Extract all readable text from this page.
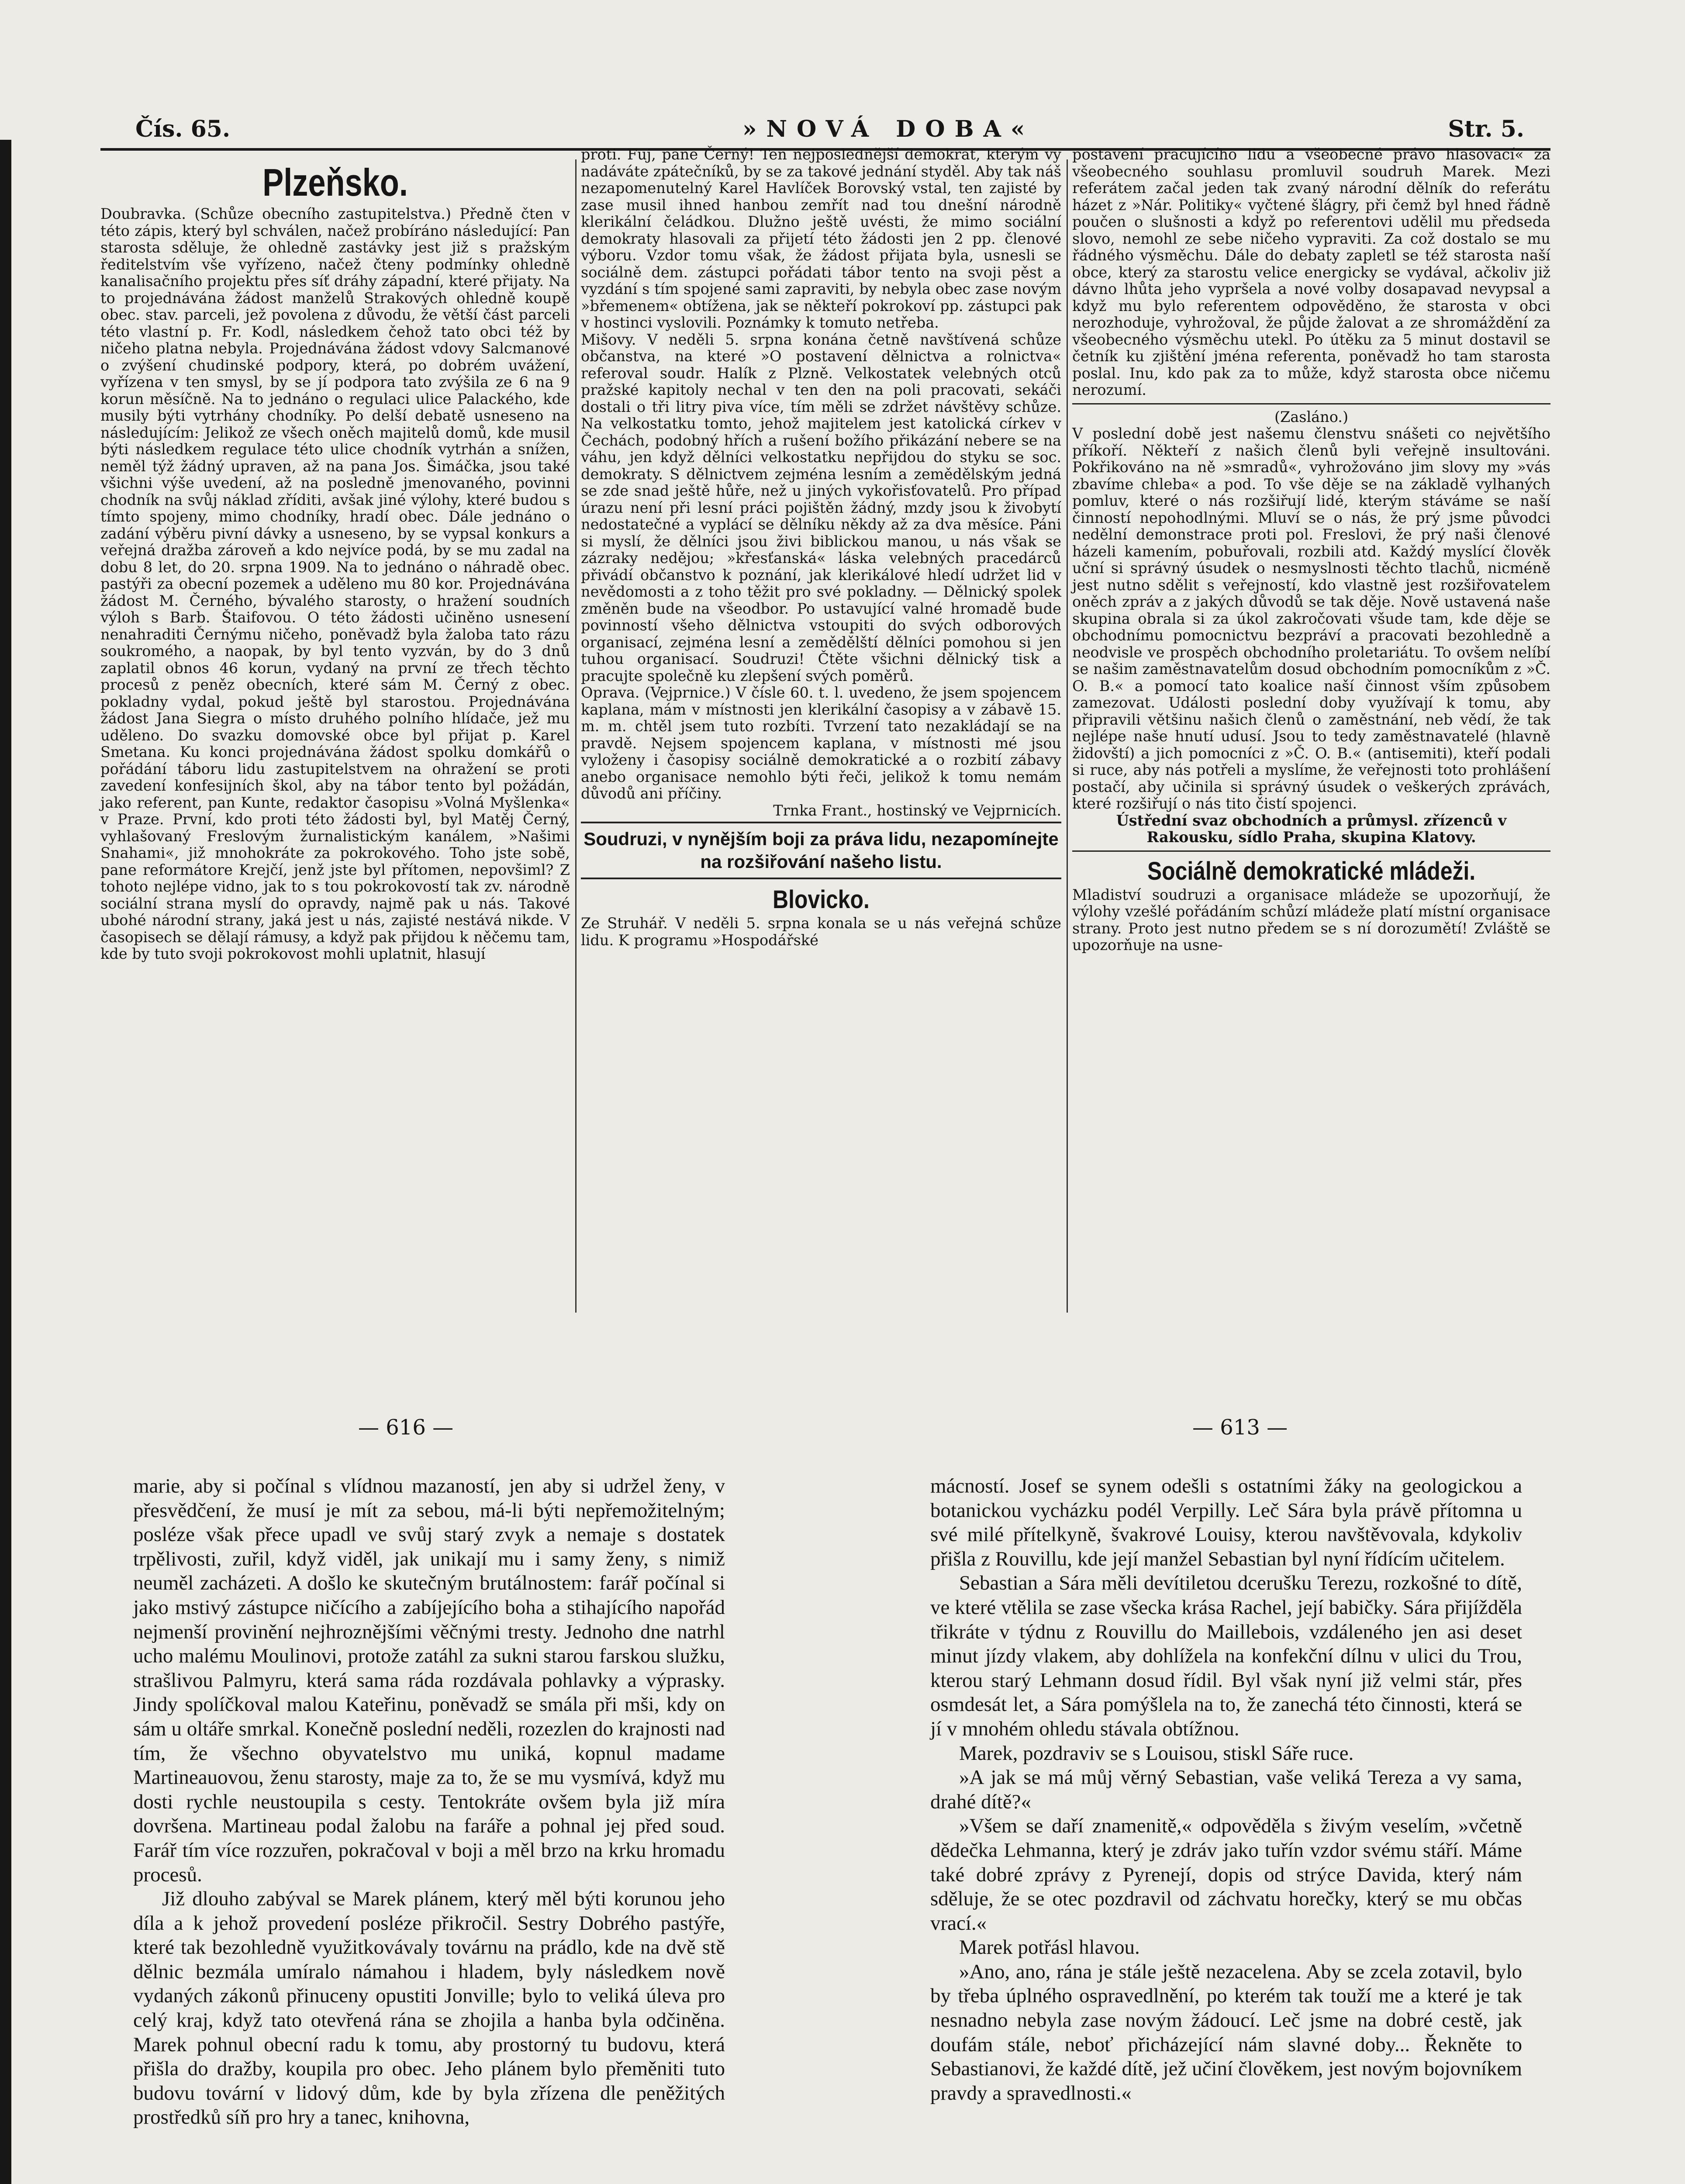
Čís. 65.	»NOVÁ DOBA«	Str. 5.
Plzeňsko.

Doubravka. (Schůze obecního zastupitelstva.) Předně čten v této zápis, který byl schválen, načež probíráno následující: Pan starosta sděluje, že ohledně zastávky jest již s pražským ředitelstvím vše vyřízeno, načež čteny podmínky ohledně kanalisačního projektu přes síť dráhy západní, které přijaty. Na to projednávána žádost manželů Strakových ohledně koupě obec. stav. parceli, jež povolena z důvodu, že větší část parceli této vlastní p. Fr. Kodl, následkem čehož tato obci též by ničeho platna nebyla. Projednávána žádost vdovy Salcmanové o zvýšení chudinské podpory, která, po dobrém uvážení, vyřízena v ten smysl, by se jí podpora tato zvýšila ze 6 na 9 korun měsíčně. Na to jednáno o regulaci ulice Palackého, kde musily býti vytrhány chodníky. Po delší debatě usneseno na následujícím: Jelikož ze všech oněch majitelů domů, kde musil býti následkem regulace této ulice chodník vytrhán a snížen, neměl týž žádný upraven, až na pana Jos. Šimáčka, jsou také všichni výše uvedení, až na posledně jmenovaného, povinni chodník na svůj náklad zříditi, avšak jiné výlohy, které budou s tímto spojeny, mimo chodníky, hradí obec. Dále jednáno o zadání výběru pivní dávky a usneseno, by se vypsal konkurs a veřejná dražba zároveň a kdo nejvíce podá, by se mu zadal na dobu 8 let, do 20. srpna 1909. Na to jednáno o náhradě obec. pastýři za obecní pozemek a uděleno mu 80 kor. Projednávána žádost M. Černého, bývalého starosty, o hražení soudních výloh s Barb. Štaifovou. O této žádosti učiněno usnesení nenahraditi Černýmu ničeho, poněvadž byla žaloba tato rázu soukromého, a naopak, by byl tento vyzván, by do 3 dnů zaplatil obnos 46 korun, vydaný na první ze třech těchto procesů z peněz obecních, které sám M. Černý z obec. pokladny vydal, pokud ještě byl starostou. Projednávána žádost Jana Siegra o místo druhého polního hlídače, jež mu uděleno. Do svazku domovské obce byl přijat p. Karel Smetana. Ku konci projednávána žádost spolku domkářů o pořádání táboru lidu zastupitelstvem na ohražení se proti zavedení konfesijních škol, aby na tábor tento byl požádán, jako referent, pan Kunte, redaktor časopisu »Volná Myšlenka« v Praze. První, kdo proti této žádosti byl, byl Matěj Černý, vyhlašovaný Freslovým žurnalistickým kanálem, »Našimi Snahami«, již mnohokráte za pokrokového. Toho jste sobě, pane reformátore Krejčí, jenž jste byl přítomen, nepovšiml? Z tohoto nejlépe vidno, jak to s tou pokrokovostí tak zv. národně sociální strana myslí do opravdy, najmě pak u nás. Takové ubohé národní strany, jaká jest u nás, zajisté nestává nikde. V časopisech se dělají rámusy, a když pak přijdou k něčemu tam, kde by tuto svoji pokrokovost mohli uplatnit, hlasují

proti. Fuj, pane Černý! Ten nejposlednější demokrat, kterým vy nadáváte zpátečníků, by se za takové jednání styděl. Aby tak náš nezapomenutelný Karel Havlíček Borovský vstal, ten zajisté by zase musil ihned hanbou zemřít nad tou dnešní národně klerikální čeládkou. Dlužno ještě uvésti, že mimo sociální demokraty hlasovali za přijetí této žádosti jen 2 pp. členové výboru. Vzdor tomu však, že žádost přijata byla, usnesli se sociálně dem. zástupci pořádati tábor tento na svoji pěst a vyzdání s tím spojené sami zapraviti, by nebyla obec zase novým »břemenem« obtížena, jak se někteří pokrokoví pp. zástupci pak v hostinci vyslovili. Poznámky k tomuto netřeba.

Mišovy. V neděli 5. srpna konána četně navštívená schůze občanstva, na které »O postavení dělnictva a rolnictva« referoval soudr. Halík z Plzně. Velkostatek velebných otců pražské kapitoly nechal v ten den na poli pracovati, sekáči dostali o tři litry piva více, tím měli se zdržet návštěvy schůze. Na velkostatku tomto, jehož majitelem jest katolická církev v Čechách, podobný hřích a rušení božího přikázání nebere se na váhu, jen když dělníci velkostatku nepřijdou do styku se soc. demokraty. S dělnictvem zejména lesním a zemědělským jedná se zde snad ještě hůře, než u jiných vykořisťovatelů. Pro případ úrazu není při lesní práci pojištěn žádný, mzdy jsou k živobytí nedostatečné a vyplácí se dělníku někdy až za dva měsíce. Páni si myslí, že dělníci jsou živi biblickou manou, u nás však se zázraky nedějou; »křesťanská« láska velebných pracedárců přivádí občanstvo k poznání, jak klerikálové hledí udržet lid v nevědomosti a z toho těžit pro své pokladny. — Dělnický spolek změněn bude na všeodbor. Po ustavující valné hromadě bude povinností všeho dělnictva vstoupiti do svých odborových organisací, zejména lesní a zemědělští dělníci pomohou si jen tuhou organisací. Soudruzi! Čtěte všichni dělnický tisk a pracujte společně ku zlepšení svých poměrů.

Oprava. (Vejprnice.) V čísle 60. t. l. uvedeno, že jsem spojencem kaplana, mám v místnosti jen klerikální časopisy a v zábavě 15. m. m. chtěl jsem tuto rozbíti. Tvrzení tato nezakládají se na pravdě. Nejsem spojencem kaplana, v místnosti mé jsou vyloženy i časopisy sociálně demokratické a o rozbití zábavy anebo organisace nemohlo býti řeči, jelikož k tomu nemám důvodů ani příčiny.

Trnka Frant., hostinský ve Vejprnicích.

Soudruzi, v nynějším boji za práva lidu, nezapomínejte na rozšiřování našeho listu.
Blovicko.

Ze Struhář. V neděli 5. srpna konala se u nás veřejná schůze lidu. K programu »Hospodářské

postavení pracujícího lidu a všeobecné právo hlasovací« za všeobecného souhlasu promluvil soudruh Marek. Mezi referátem začal jeden tak zvaný národní dělník do referátu házet z »Nár. Politiky« vyčtené šlágry, při čemž byl hned řádně poučen o slušnosti a když po referentovi udělil mu předseda slovo, nemohl ze sebe ničeho vypraviti. Za což dostalo se mu řádného výsměchu. Dále do debaty zapletl se též starosta naší obce, který za starostu velice energicky se vydával, ačkoliv již dávno lhůta jeho vypršela a nové volby dosapavad nevypsal a když mu bylo referentem odpověděno, že starosta v obci nerozhoduje, vyhrožoval, že půjde žalovat a ze shromáždění za všeobecného výsměchu utekl. Po útěku za 5 minut dostavil se četník ku zjištění jména referenta, poněvadž ho tam starosta poslal. Inu, kdo pak za to může, když starosta obce ničemu nerozumí.

(Zasláno.)

V poslední době jest našemu členstvu snášeti co největšího příkoří. Někteří z našich členů byli veřejně insultováni. Pokřikováno na ně »smradů«, vyhrožováno jim slovy my »vás zbavíme chleba« a pod. To vše děje se na základě vylhaných pomluv, které o nás rozšiřují lidé, kterým stáváme se naší činností nepohodlnými. Mluví se o nás, že prý jsme původci nedělní demonstrace proti pol. Freslovi, že prý naši členové házeli kamením, pobuřovali, rozbili atd. Každý myslící člověk uční si správný úsudek o nesmyslnosti těchto tlachů, nicméně jest nutno sdělit s veřejností, kdo vlastně jest rozšiřovatelem oněch zpráv a z jakých důvodů se tak děje. Nově ustavená naše skupina obrala si za úkol zakročovati všude tam, kde děje se obchodnímu pomocnictvu bezpráví a pracovati bezohledně a neodvisle ve prospěch obchodního proletariátu. To ovšem nelíbí se našim zaměstnavatelům dosud obchodním pomocníkům z »Č. O. B.« a pomocí tato koalice naší činnost vším způsobem zamezovat. Události poslední doby využívají k tomu, aby připravili většinu našich členů o zaměstnání, neb vědí, že tak nejlépe naše hnutí udusí. Jsou to tedy zaměstnavatelé (hlavně židovští) a jich pomocníci z »Č. O. B.« (antisemiti), kteří podali si ruce, aby nás potřeli a myslíme, že veřejnosti toto prohlášení postačí, aby učinila si správný úsudek o veškerých zprávách, které rozšiřují o nás tito čistí spojenci.

Ústřední svaz obchodních a průmysl. zřízenců v Rakousku, sídlo Praha, skupina Klatovy.

Sociálně demokratické mládeži.

Mladiství soudruzi a organisace mládeže se upozorňují, že výlohy vzešlé pořádáním schůzí mládeže platí místní organisace strany. Proto jest nutno předem se s ní dorozumětí! Zvláště se upozorňuje na usne-

— 616 —	— 613 —

marie, aby si počínal s vlídnou mazaností, jen aby si udržel ženy, v přesvědčení, že musí je mít za sebou, má-li býti nepřemožitelným; posléze však přece upadl ve svůj starý zvyk a nemaje s dostatek trpělivosti, zuřil, když viděl, jak unikají mu i samy ženy, s nimiž neuměl zacházeti. A došlo ke skutečným brutálnostem: farář počínal si jako mstivý zástupce ničícího a zabíjejícího boha a stihajícího napořád nejmenší provinění nejhroznějšími věčnými tresty. Jednoho dne natrhl ucho malému Moulinovi, protože zatáhl za sukni starou farskou služku, strašlivou Palmyru, která sama ráda rozdávala pohlavky a výprasky. Jindy spolíčkoval malou Kateřinu, poněvadž se smála při mši, kdy on sám u oltáře smrkal. Konečně poslední neděli, rozezlen do krajnosti nad tím, že všechno obyvatelstvo mu uniká, kopnul madame Martineauovou, ženu starosty, maje za to, že se mu vysmívá, když mu dosti rychle neustoupila s cesty. Tentokráte ovšem byla již míra dovršena. Martineau podal žalobu na faráře a pohnal jej před soud. Farář tím více rozzuřen, pokračoval v boji a měl brzo na krku hromadu procesů.

Již dlouho zabýval se Marek plánem, který měl býti korunou jeho díla a k jehož provedení posléze přikročil. Sestry Dobrého pastýře, které tak bezohledně využitkovávaly továrnu na prádlo, kde na dvě stě dělnic bezmála umíralo námahou i hladem, byly následkem nově vydaných zákonů přinuceny opustiti Jonville; bylo to veliká úleva pro celý kraj, když tato otevřená rána se zhojila a hanba byla odčiněna. Marek pohnul obecní radu k tomu, aby prostorný tu budovu, která přišla do dražby, koupila pro obec. Jeho plánem bylo přeměniti tuto budovu tovární v lidový dům, kde by byla zřízena dle peněžitých prostředků síň pro hry a tanec, knihovna,

mácností. Josef se synem odešli s ostatními žáky na geologickou a botanickou vycházku podél Verpilly. Leč Sára byla právě přítomna u své milé přítelkyně, švakrové Louisy, kterou navštěvovala, kdykoliv přišla z Rouvillu, kde její manžel Sebastian byl nyní řídícím učitelem.

Sebastian a Sára měli devítiletou dcerušku Terezu, rozkošné to dítě, ve které vtělila se zase všecka krása Rachel, její babičky. Sára přijížděla třikráte v týdnu z Rouvillu do Maillebois, vzdáleného jen asi deset minut jízdy vlakem, aby dohlížela na konfekční dílnu v ulici du Trou, kterou starý Lehmann dosud řídil. Byl však nyní již velmi stár, přes osmdesát let, a Sára pomýšlela na to, že zanechá této činnosti, která se jí v mnohém ohledu stávala obtížnou.

Marek, pozdraviv se s Louisou, stiskl Sáře ruce.

»A jak se má můj věrný Sebastian, vaše veliká Tereza a vy sama, drahé dítě?«

»Všem se daří znamenitě,« odpověděla s živým veselím, »včetně dědečka Lehmanna, který je zdráv jako tuřín vzdor svému stáří. Máme také dobré zprávy z Pyrenejí, dopis od strýce Davida, který nám sděluje, že se otec pozdravil od záchvatu horečky, který se mu občas vrací.«

Marek potřásl hlavou.

»Ano, ano, rána je stále ještě nezacelena. Aby se zcela zotavil, bylo by třeba úplného ospravedlnění, po kterém tak touží me a které je tak nesnadno nebyla zase novým žádoucí. Leč jsme na dobré cestě, jak doufám stále, neboť přicházející nám slavné doby... Řekněte to Sebastianovi, že každé dítě, jež učiní člověkem, jest novým bojovníkem pravdy a spravedlnosti.«
